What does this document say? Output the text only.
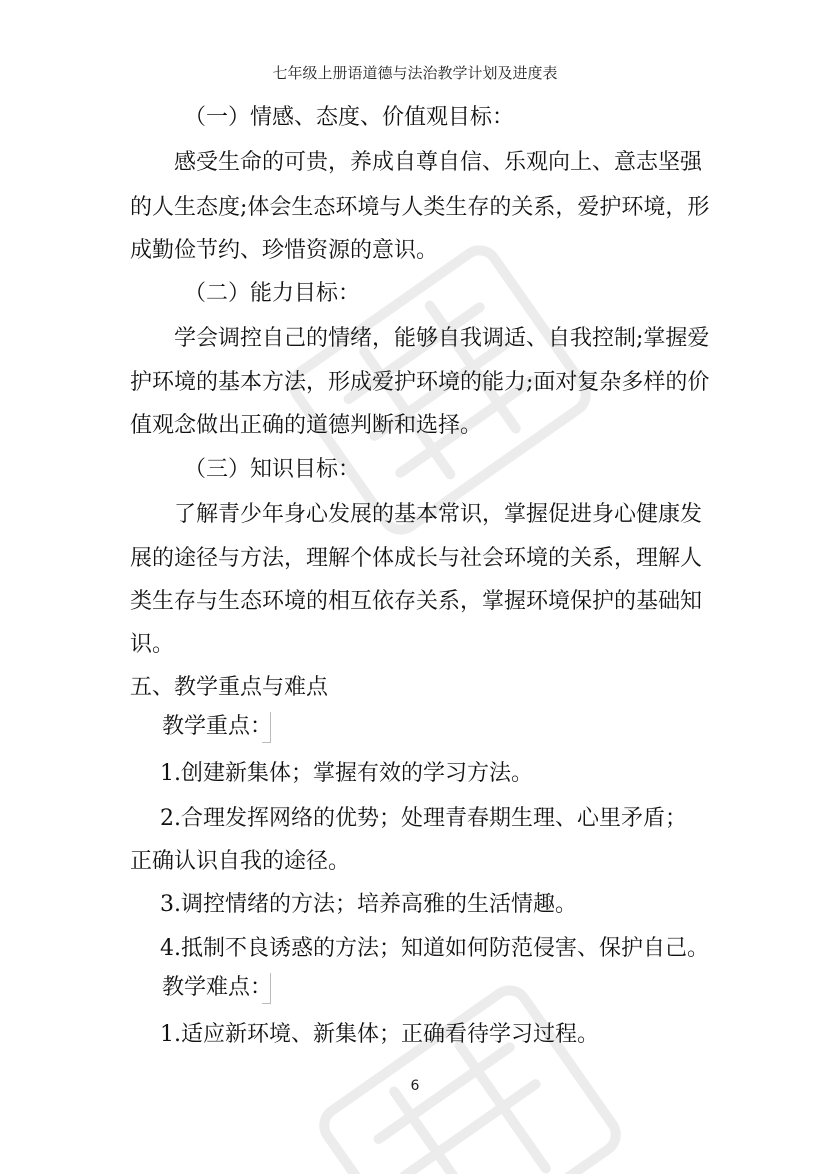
七年级上册语道德与法治教学计划及进度表
（一）情感、态度、价值观目标：
感受生命的可贵，养成自尊自信、乐观向上、意志坚强
的人生态度;体会生态环境与人类生存的关系，爱护环境，形
成勤俭节约、珍惜资源的意识。
（二）能力目标：
学会调控自己的情绪，能够自我调适、自我控制;掌握爱
护环境的基本方法，形成爱护环境的能力;面对复杂多样的价
值观念做出正确的道德判断和选择。
（三）知识目标：
了解青少年身心发展的基本常识，掌握促进身心健康发
展的途径与方法，理解个体成长与社会环境的关系，理解人
类生存与生态环境的相互依存关系，掌握环境保护的基础知
识。
五、教学重点与难点
教学重点：
1.创建新集体；掌握有效的学习方法。
2.合理发挥网络的优势；处理青春期生理、心里矛盾；
正确认识自我的途径。
3.调控情绪的方法；培养高雅的生活情趣。
4.抵制不良诱惑的方法；知道如何防范侵害、保护自己。
教学难点：
1.适应新环境、新集体；正确看待学习过程。
6
